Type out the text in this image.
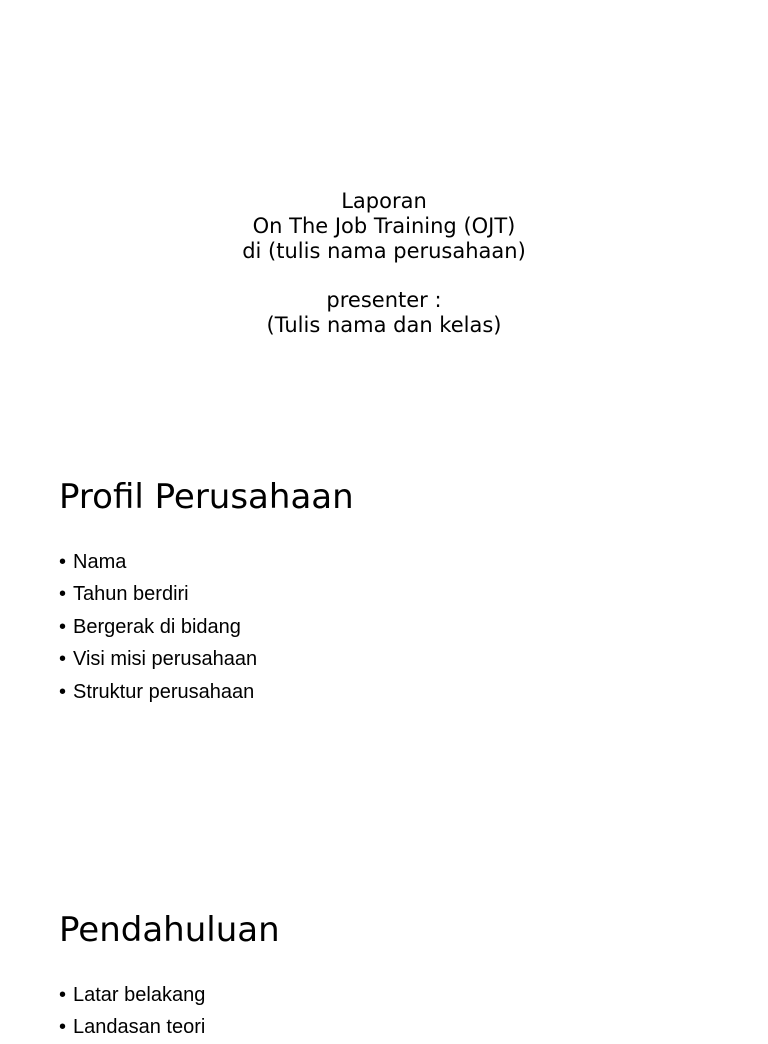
Laporan
On The Job Training (OJT)
di (tulis nama perusahaan)
presenter :
(Tulis nama dan kelas)
Profil Perusahaan
• Nama
• Tahun berdiri
• Bergerak di bidang
• Visi misi perusahaan
• Struktur perusahaan
Pendahuluan
• Latar belakang
• Landasan teori
